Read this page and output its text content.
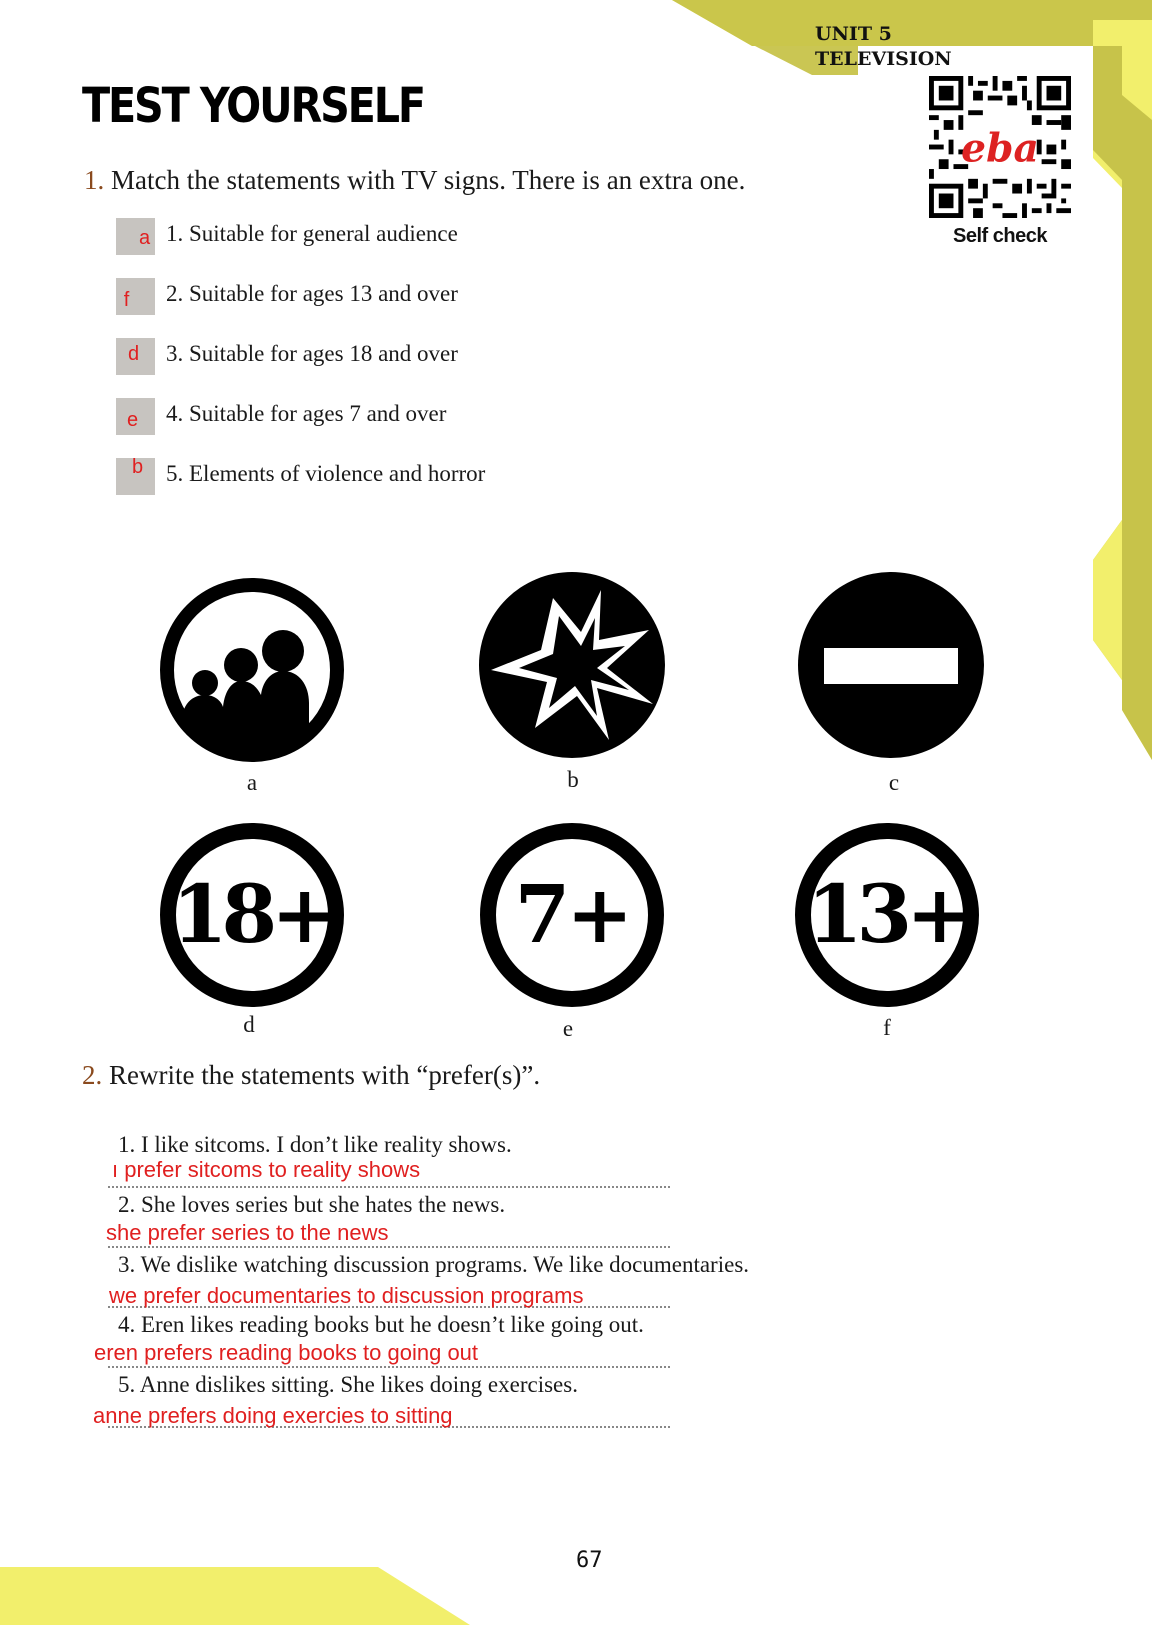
UNIT 5
TELEVISION
TEST YOURSELF
eba
Self check
1. Match the statements with TV signs. There is an extra one.
a 1. Suitable for general audience
f	2. Suitable for ages 13 and over
d	3. Suitable for ages 18 and over
e	4. Suitable for ages 7 and over
b 5. Elements of violence and horror
a	b	c
18+ 7+ 13+
d	e	f
2. Rewrite the statements with “prefer(s)”.
1. I like sitcoms. I don’t like reality shows.
ı prefer sitcoms to reality shows
2. She loves series but she hates the news.
she prefer series to the news
3. We dislike watching discussion programs. We like documentaries.
we prefer documentaries to discussion programs
4. Eren likes reading books but he doesn’t like going out.
eren prefers reading books to going out
5. Anne dislikes sitting. She likes doing exercises.
anne prefers doing exercies to sitting
67
